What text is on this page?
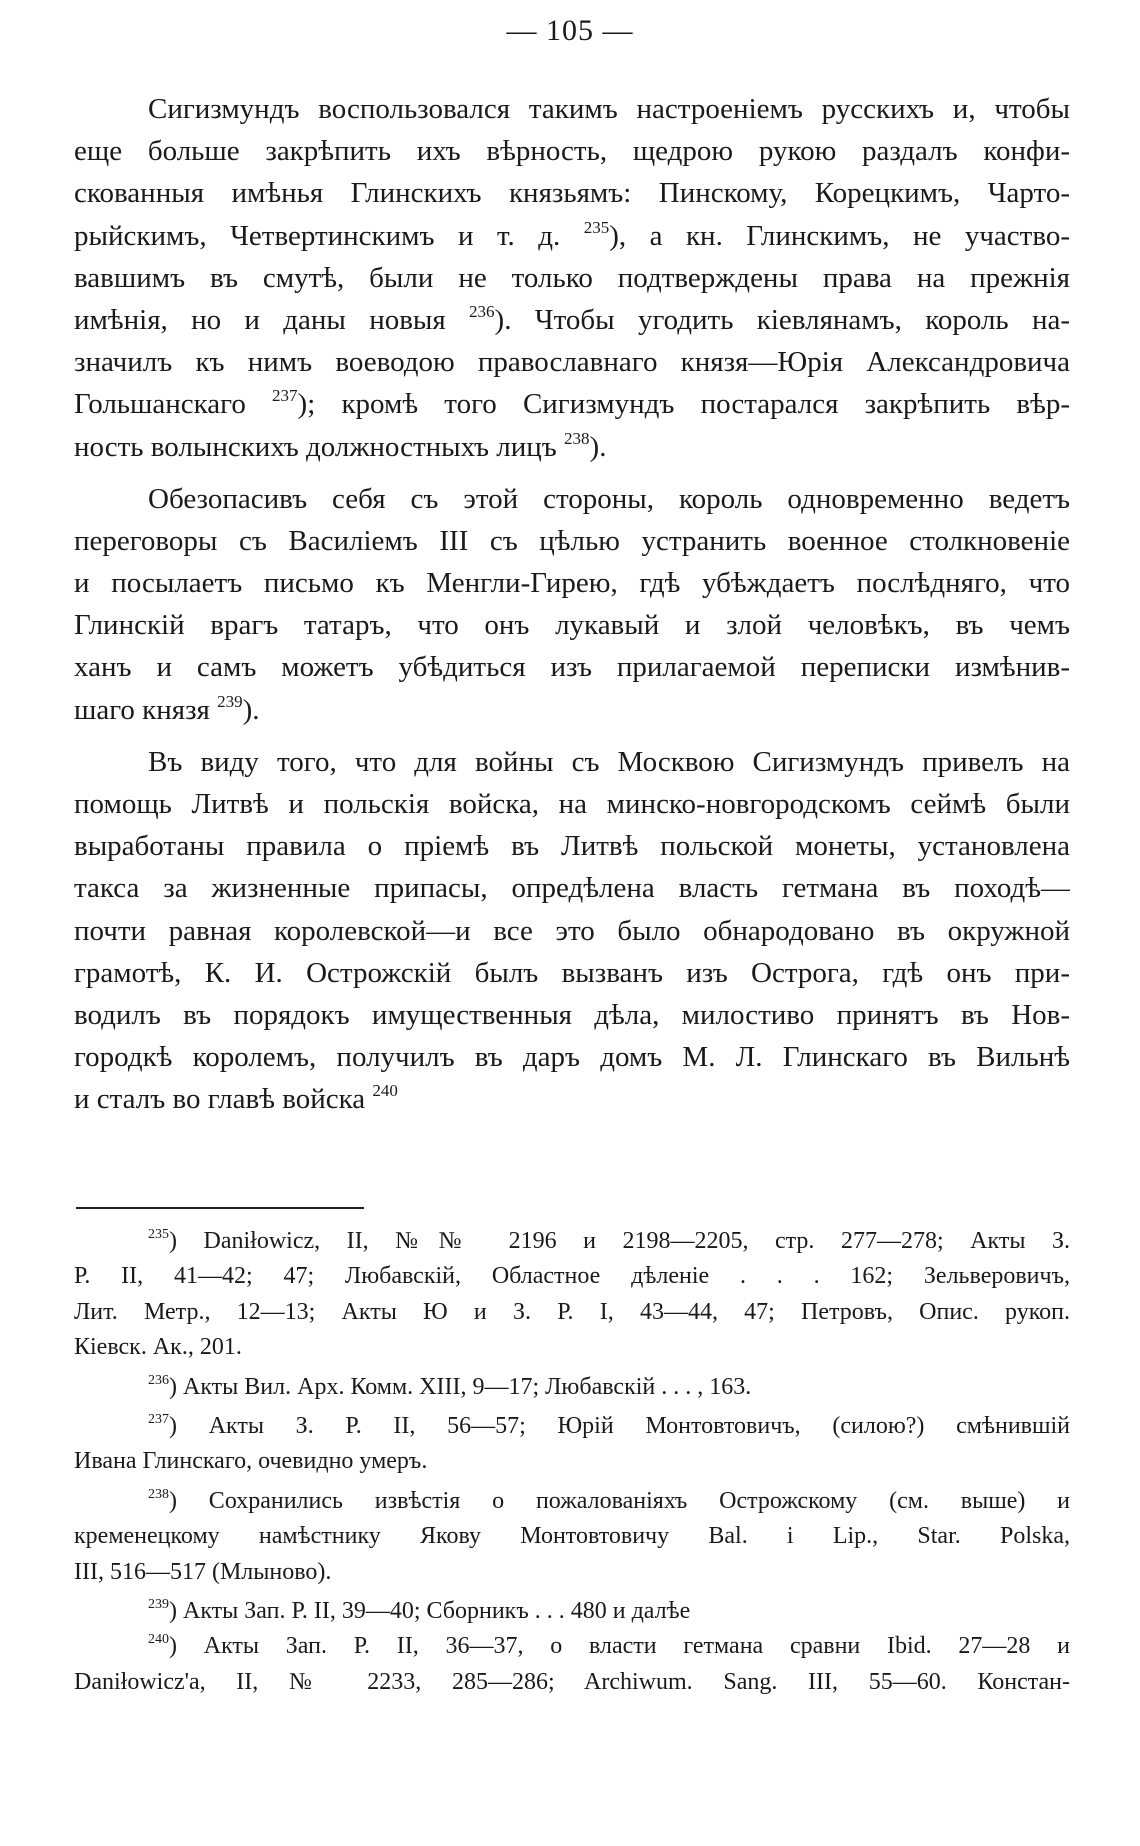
— 105 —
Сигизмундъ воспользовался такимъ настроеніемъ русскихъ и, чтобы
еще больше закрѣпить ихъ вѣрность, щедрою рукою раздалъ конфи-
скованныя имѣнья Глинскихъ князьямъ: Пинскому, Корецкимъ, Чарто-
рыйскимъ, Четвертинскимъ и т. д. $^{235}$), а кн. Глинскимъ, не участво-
вавшимъ въ смутѣ, были не только подтверждены права на прежнія
имѣнія, но и даны новыя $^{236}$). Чтобы угодить кіевлянамъ, король на-
значилъ къ нимъ воеводою православнаго князя—Юрія Александровича
Гольшанскаго $^{237}$); кромѣ того Сигизмундъ постарался закрѣпить вѣр-
ность волынскихъ должностныхъ лицъ $^{238}$).
Обезопасивъ себя съ этой стороны, король одновременно ведетъ
переговоры съ Василіемъ III съ цѣлью устранить военное столкновеніе
и посылаетъ письмо къ Менгли-Гирею, гдѣ убѣждаетъ послѣдняго, что
Глинскій врагъ татаръ, что онъ лукавый и злой человѣкъ, въ чемъ
ханъ и самъ можетъ убѣдиться изъ прилагаемой переписки измѣнив-
шаго князя $^{239}$).
Въ виду того, что для войны съ Москвою Сигизмундъ привелъ на
помощь Литвѣ и польскія войска, на минско-новгородскомъ сеймѣ были
выработаны правила о пріемѣ въ Литвѣ польской монеты, установлена
такса за жизненные припасы, опредѣлена власть гетмана въ походѣ—
почти равная королевской—и все это было обнародовано въ окружной
грамотѣ, К. И. Острожскій былъ вызванъ изъ Острога, гдѣ онъ при-
водилъ въ порядокъ имущественныя дѣла, милостиво принятъ въ Нов-
городкѣ королемъ, получилъ въ даръ домъ М. Л. Глинскаго въ Вильнѣ
и сталъ во главѣ войска $^{240}$
$^{235}$) Daniłowicz, II, №№ 2196 и 2198—2205, стр. 277—278; Акты З.
Р. II, 41—42; 47; Любавскій, Областное дѣленіе . . . 162; Зельверовичъ,
Лит. Метр., 12—13; Акты Ю и З. Р. I, 43—44, 47; Петровъ, Опис. рукоп.
Кіевск. Ак., 201.
$^{236}$) Акты Вил. Арх. Комм. XIII, 9—17; Любавскій . . . , 163.
$^{237}$) Акты З. Р. II, 56—57; Юрій Монтовтовичъ, (силою?) смѣнившій
Ивана Глинскаго, очевидно умеръ.
$^{238}$) Сохранились извѣстія о пожалованіяхъ Острожскому (см. выше) и
кременецкому намѣстнику Якову Монтовтовичу Bal. i Lip., Star. Polska,
III, 516—517 (Млыново).
$^{239}$) Акты Зап. Р. II, 39—40; Сборникъ . . . 480 и далѣе
$^{240}$) Акты Зап. Р. II, 36—37, о власти гетмана сравни Ibid. 27—28 и
Daniłowicz'a, II, № 2233, 285—286; Archiwum. Sang. III, 55—60. Констан-
